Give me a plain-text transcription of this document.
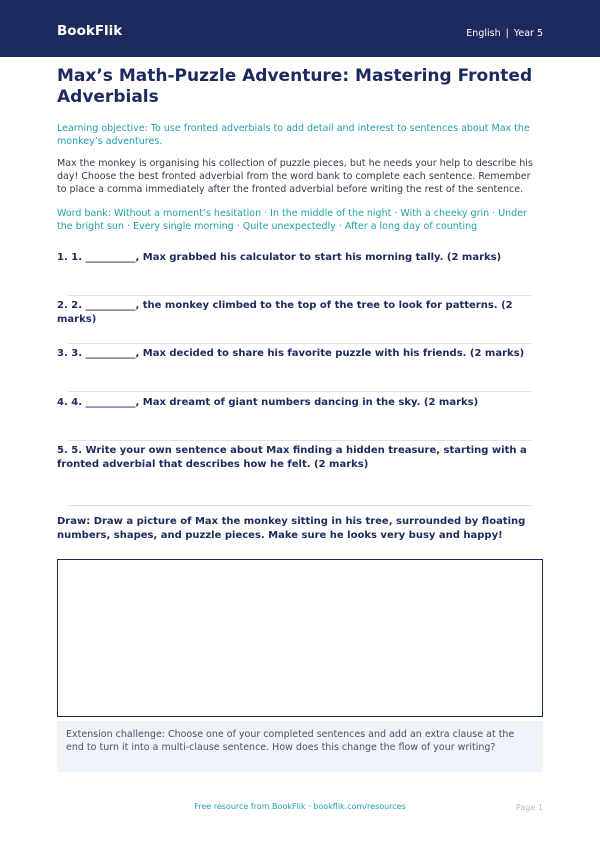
BookFlik	English | Year 5
Max’s Math-Puzzle Adventure: Mastering Fronted Adverbials

Learning objective: To use fronted adverbials to add detail and interest to sentences about Max the monkey’s adventures.

Max the monkey is organising his collection of puzzle pieces, but he needs your help to describe his day! Choose the best fronted adverbial from the word bank to complete each sentence. Remember to place a comma immediately after the fronted adverbial before writing the rest of the sentence.

Word bank: Without a moment’s hesitation · In the middle of the night · With a cheeky grin · Under the bright sun · Every single morning · Quite unexpectedly · After a long day of counting

1. 1. __________, Max grabbed his calculator to start his morning tally. (2 marks)
2. 2. __________, the monkey climbed to the top of the tree to look for patterns. (2 marks)
3. 3. __________, Max decided to share his favorite puzzle with his friends. (2 marks)
4. 4. __________, Max dreamt of giant numbers dancing in the sky. (2 marks)
5. 5. Write your own sentence about Max finding a hidden treasure, starting with a fronted adverbial that describes how he felt. (2 marks)
Draw: Draw a picture of Max the monkey sitting in his tree, surrounded by floating numbers, shapes, and puzzle pieces. Make sure he looks very busy and happy!
Extension challenge: Choose one of your completed sentences and add an extra clause at the end to turn it into a multi-clause sentence. How does this change the flow of your writing?
Free resource from BookFlik · bookflik.com/resources	Page 1
